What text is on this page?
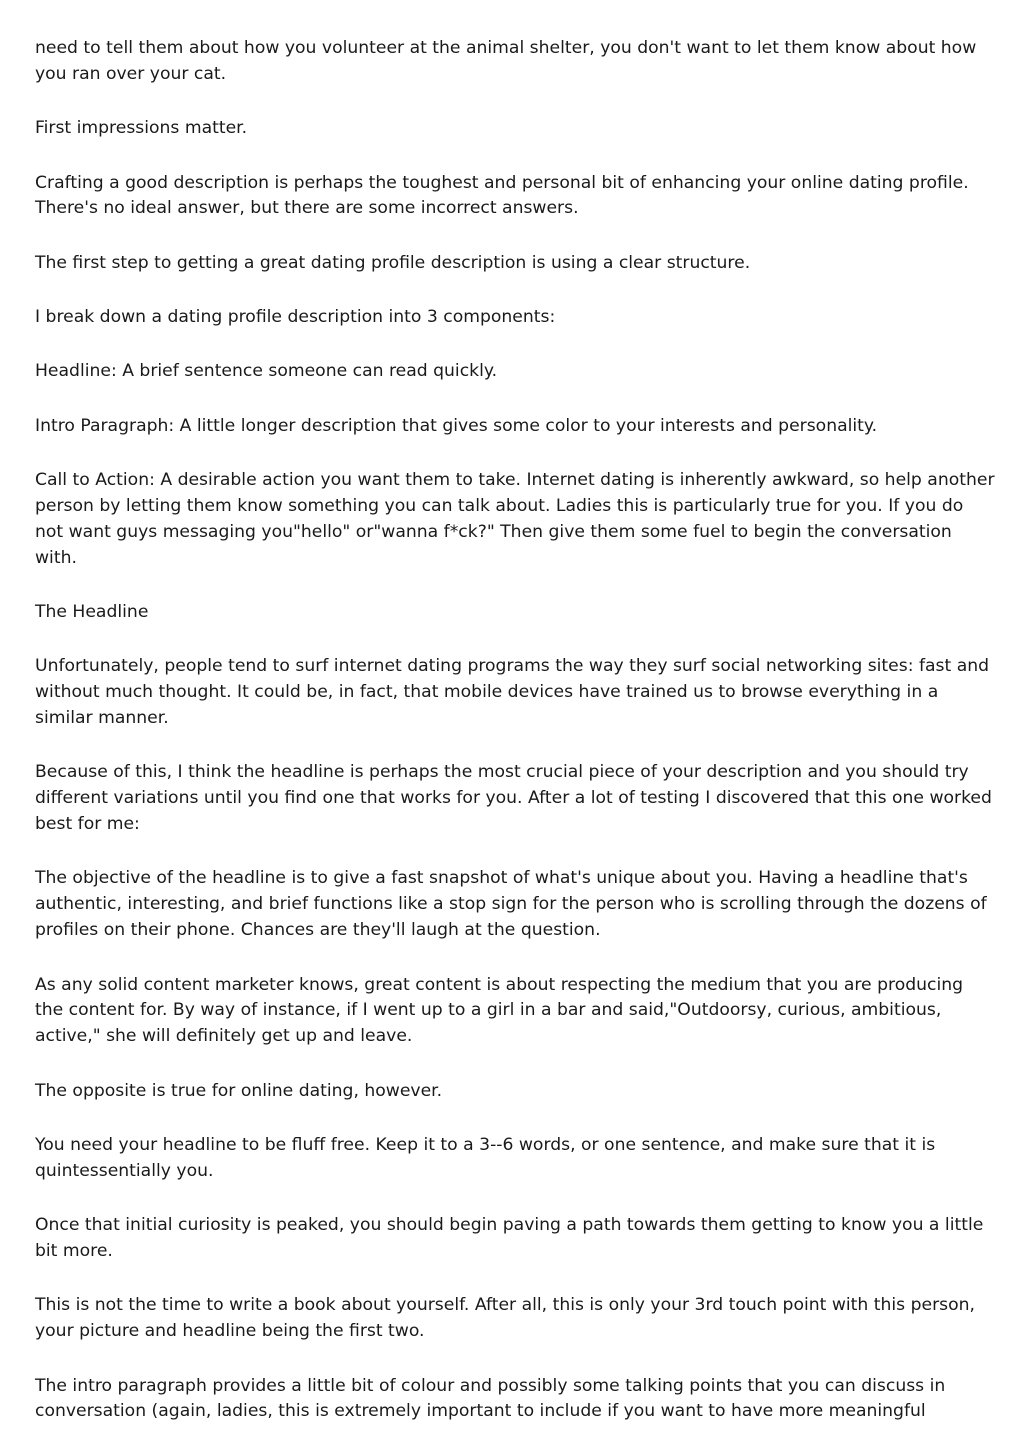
need to tell them about how you volunteer at the animal shelter, you don't want to let them know about how you ran over your cat.

First impressions matter.

Crafting a good description is perhaps the toughest and personal bit of enhancing your online dating profile. There's no ideal answer, but there are some incorrect answers.

The first step to getting a great dating profile description is using a clear structure.

I break down a dating profile description into 3 components:

Headline: A brief sentence someone can read quickly.

Intro Paragraph: A little longer description that gives some color to your interests and personality.

Call to Action: A desirable action you want them to take. Internet dating is inherently awkward, so help another person by letting them know something you can talk about. Ladies this is particularly true for you. If you do not want guys messaging you"hello" or"wanna f*ck?" Then give them some fuel to begin the conversation with.

The Headline

Unfortunately, people tend to surf internet dating programs the way they surf social networking sites: fast and without much thought. It could be, in fact, that mobile devices have trained us to browse everything in a similar manner.

Because of this, I think the headline is perhaps the most crucial piece of your description and you should try different variations until you find one that works for you. After a lot of testing I discovered that this one worked best for me:

The objective of the headline is to give a fast snapshot of what's unique about you. Having a headline that's authentic, interesting, and brief functions like a stop sign for the person who is scrolling through the dozens of profiles on their phone. Chances are they'll laugh at the question.

As any solid content marketer knows, great content is about respecting the medium that you are producing the content for. By way of instance, if I went up to a girl in a bar and said,"Outdoorsy, curious, ambitious, active," she will definitely get up and leave.

The opposite is true for online dating, however.

You need your headline to be fluff free. Keep it to a 3--6 words, or one sentence, and make sure that it is quintessentially you.

Once that initial curiosity is peaked, you should begin paving a path towards them getting to know you a little bit more.

This is not the time to write a book about yourself. After all, this is only your 3rd touch point with this person, your picture and headline being the first two.

The intro paragraph provides a little bit of colour and possibly some talking points that you can discuss in conversation (again, ladies, this is extremely important to include if you want to have more meaningful
